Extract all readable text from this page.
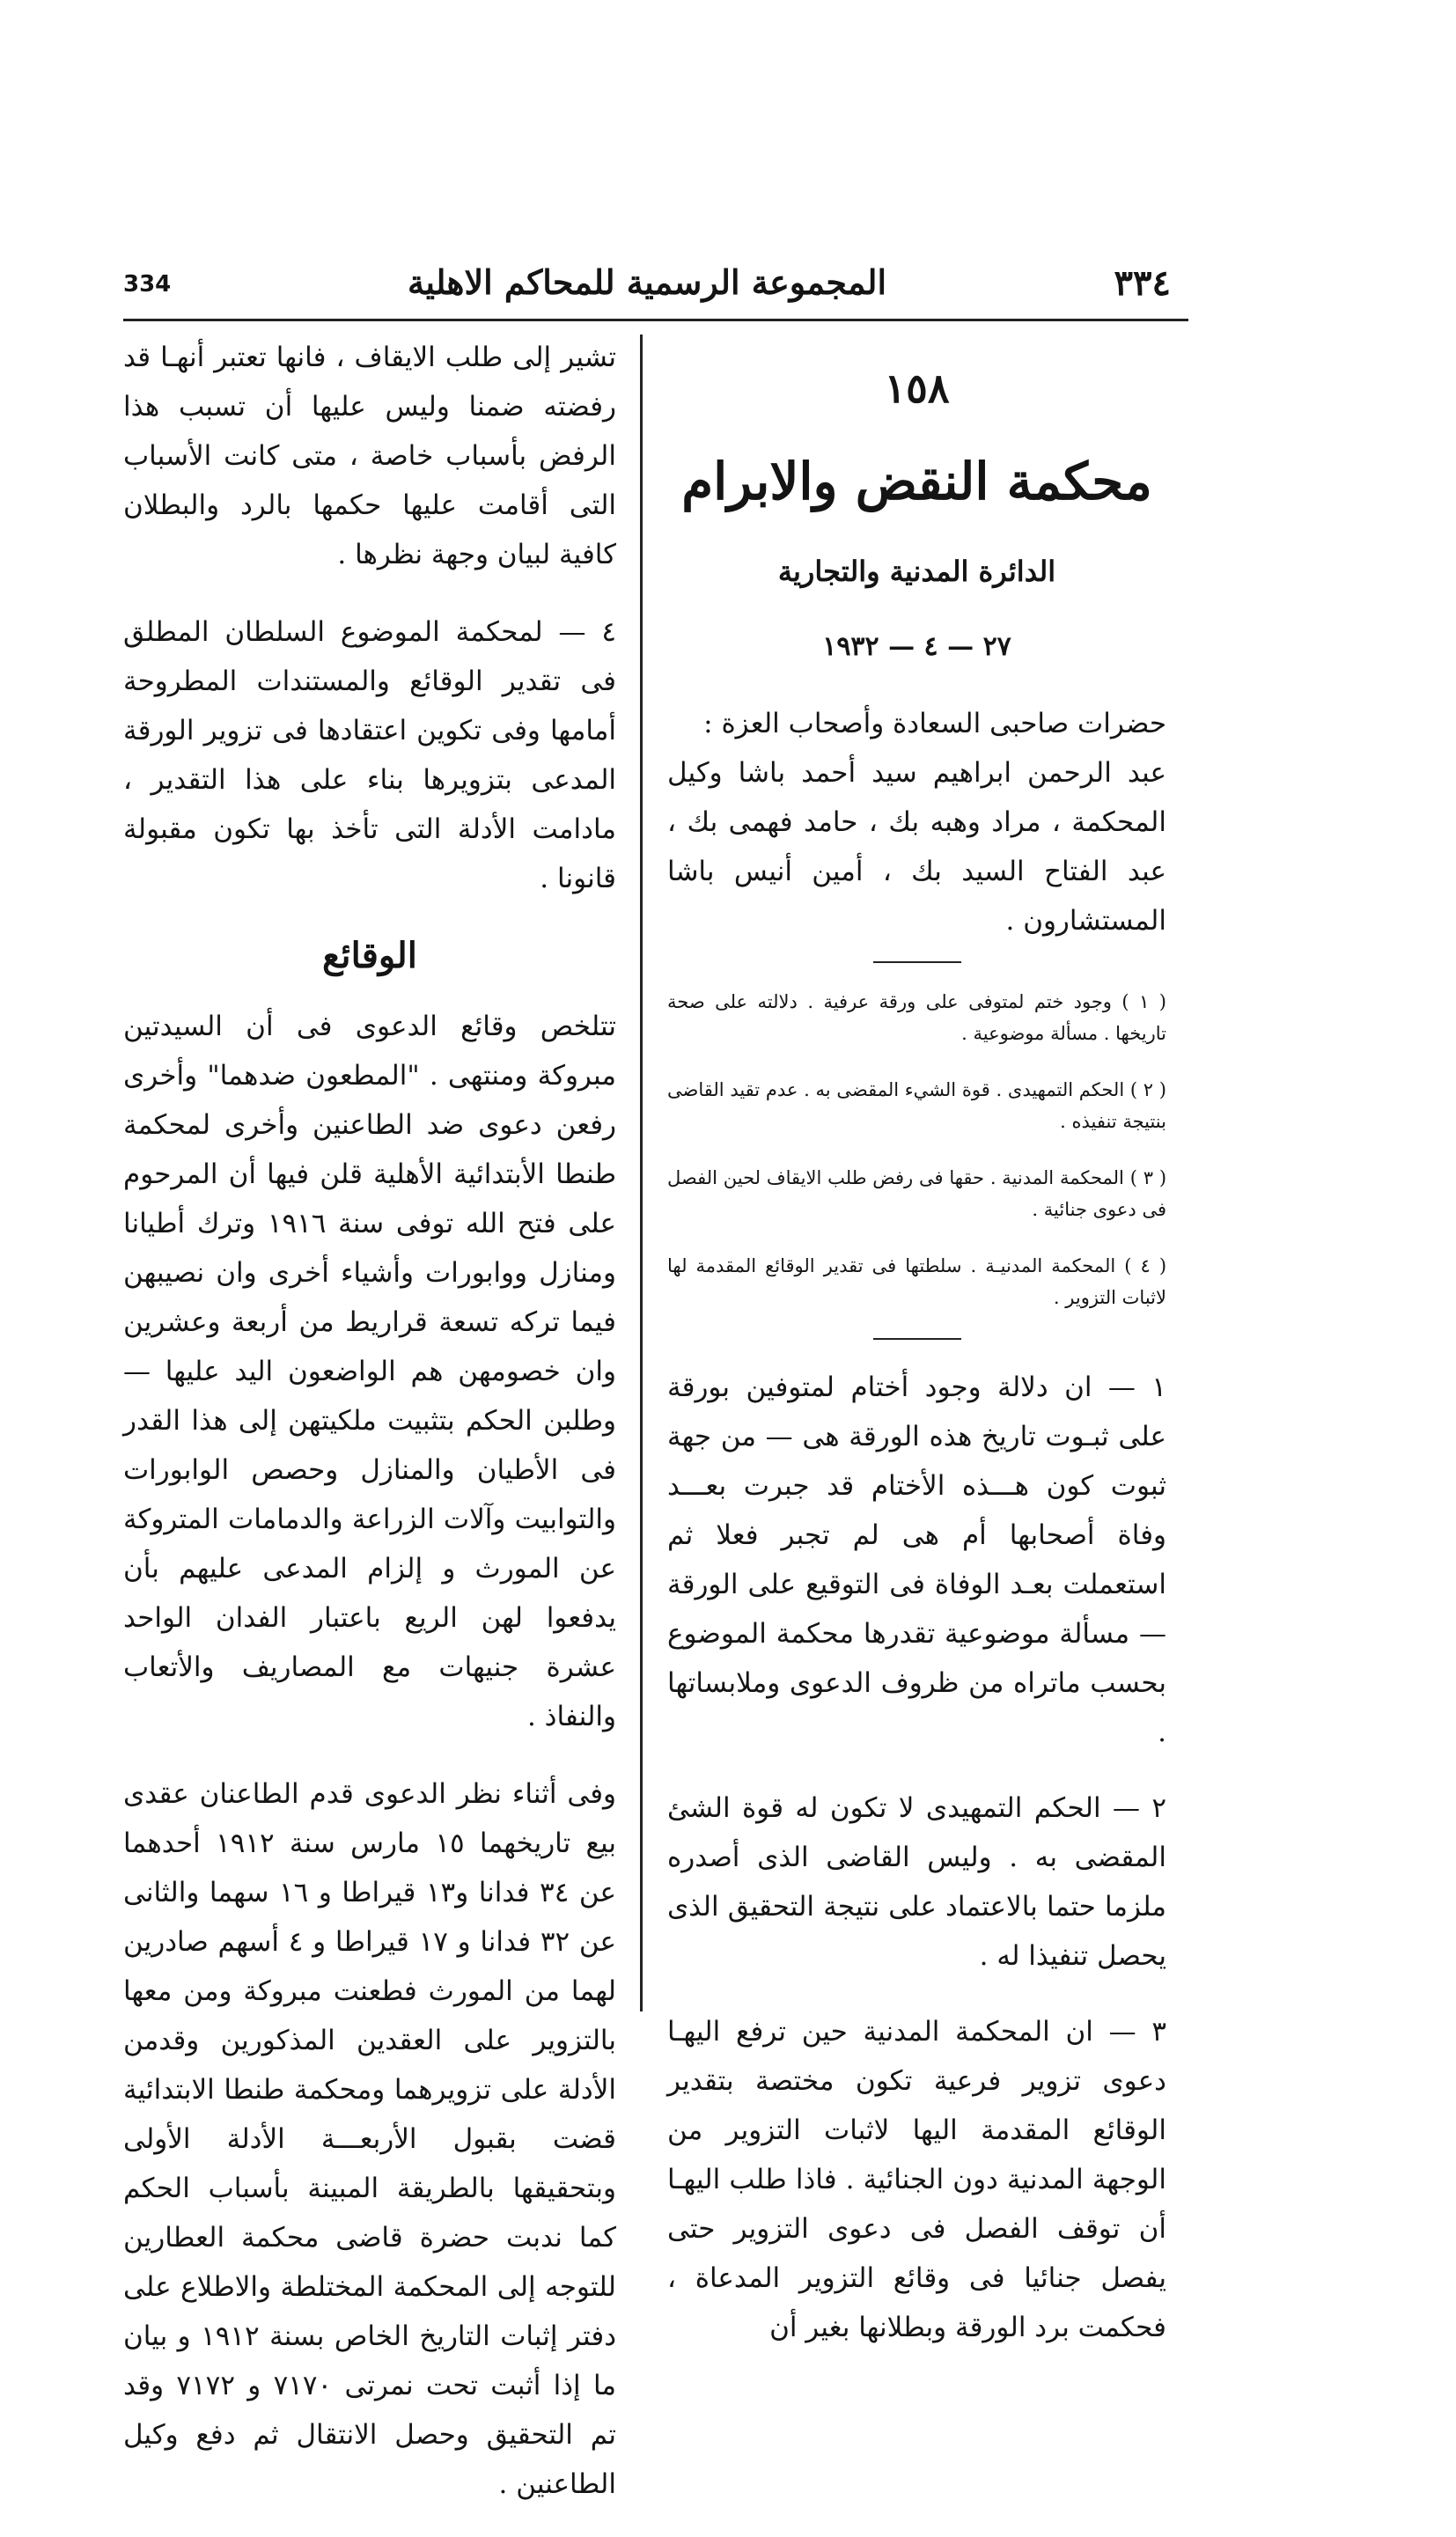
334	المجموعة الرسمية للمحاكم الاهلية	٣٣٤

١٥٨

محكمة النقض والابرام

الدائرة المدنية والتجارية

٢٧ — ٤ — ١٩٣٢

حضرات صاحبى السعادة وأصحاب العزة :

عبد الرحمن ابراهيم سيد أحمد باشا وكيل المحكمة ، مراد وهبه بك ، حامد فهمى بك ، عبد الفتاح السيد بك ، أمين أنيس باشا المستشارون .

( ١ ) وجود ختم لمتوفى على ورقة عرفية . دلالته على صحة تاريخها . مسألة موضوعية .

( ٢ ) الحكم التمهيدى . قوة الشيء المقضى به . عدم تقيد القاضى بنتيجة تنفيذه .

( ٣ ) المحكمة المدنية . حقها فى رفض طلب الايقاف لحين الفصل فى دعوى جنائية .

( ٤ ) المحكمة المدنيـة . سلطتها فى تقدير الوقائع المقدمة لها لاثبات التزوير .

١ — ان دلالة وجود أختام لمتوفين بورقة على ثبـوت تاريخ هذه الورقة هى — من جهة ثبوت كون هـــذه الأختام قد جبرت بعـــد وفاة أصحابها أم هى لم تجبر فعلا ثم استعملت بعـد الوفاة فى التوقيع على الورقة — مسألة موضوعية تقدرها محكمة الموضوع بحسب ماتراه من ظروف الدعوى وملابساتها .

٢ — الحكم التمهيدى لا تكون له قوة الشئ المقضى به . وليس القاضى الذى أصدره ملزما حتما بالاعتماد على نتيجة التحقيق الذى يحصل تنفيذا له .

٣ — ان المحكمة المدنية حين ترفع اليهـا دعوى تزوير فرعية تكون مختصة بتقدير الوقائع المقدمة اليها لاثبات التزوير من الوجهة المدنية دون الجنائية . فاذا طلب اليهـا أن توقف الفصل فى دعوى التزوير حتى يفصل جنائيا فى وقائع التزوير المدعاة ، فحكمت برد الورقة وبطلانها بغير أن

تشير إلى طلب الايقاف ، فانها تعتبر أنهـا قد رفضته ضمنا وليس عليها أن تسبب هذا الرفض بأسباب خاصة ، متى كانت الأسباب التى أقامت عليها حكمها بالرد والبطلان كافية لبيان وجهة نظرها .

٤ — لمحكمة الموضوع السلطان المطلق فى تقدير الوقائع والمستندات المطروحة أمامها وفى تكوين اعتقادها فى تزوير الورقة المدعى بتزويرها بناء على هذا التقدير ، مادامت الأدلة التى تأخذ بها تكون مقبولة قانونا .

الوقائع

تتلخص وقائع الدعوى فى أن السيدتين مبروكة ومنتهى . "المطعون ضدهما" وأخرى رفعن دعوى ضد الطاعنين وأخرى لمحكمة طنطا الأبتدائية الأهلية قلن فيها أن المرحوم على فتح الله توفى سنة ١٩١٦ وترك أطيانا ومنازل ووابورات وأشياء أخرى وان نصيبهن فيما تركه تسعة قراريط من أربعة وعشرين وان خصومهن هم الواضعون اليد عليها — وطلبن الحكم بتثبيت ملكيتهن إلى هذا القدر فى الأطيان والمنازل وحصص الوابورات والتوابيت وآلات الزراعة والدمامات المتروكة عن المورث و إلزام المدعى عليهم بأن يدفعوا لهن الريع باعتبار الفدان الواحد عشرة جنيهات مع المصاريف والأتعاب والنفاذ .

وفى أثناء نظر الدعوى قدم الطاعنان عقدى بيع تاريخهما ١٥ مارس سنة ١٩١٢ أحدهما عن ٣٤ فدانا و١٣ قيراطا و ١٦ سهما والثانى عن ٣٢ فدانا و ١٧ قيراطا و ٤ أسهم صادرين لهما من المورث فطعنت مبروكة ومن معها بالتزوير على العقدين المذكورين وقدمن الأدلة على تزويرهما ومحكمة طنطا الابتدائية قضت بقبول الأربعـــة الأدلة الأولى وبتحقيقها بالطريقة المبينة بأسباب الحكم كما ندبت حضرة قاضى محكمة العطارين للتوجه إلى المحكمة المختلطة والاطلاع على دفتر إثبات التاريخ الخاص بسنة ١٩١٢ و بيان ما إذا أثبت تحت نمرتى ٧١٧٠ و ٧١٧٢ وقد تم التحقيق وحصل الانتقال ثم دفع وكيل الطاعنين .
